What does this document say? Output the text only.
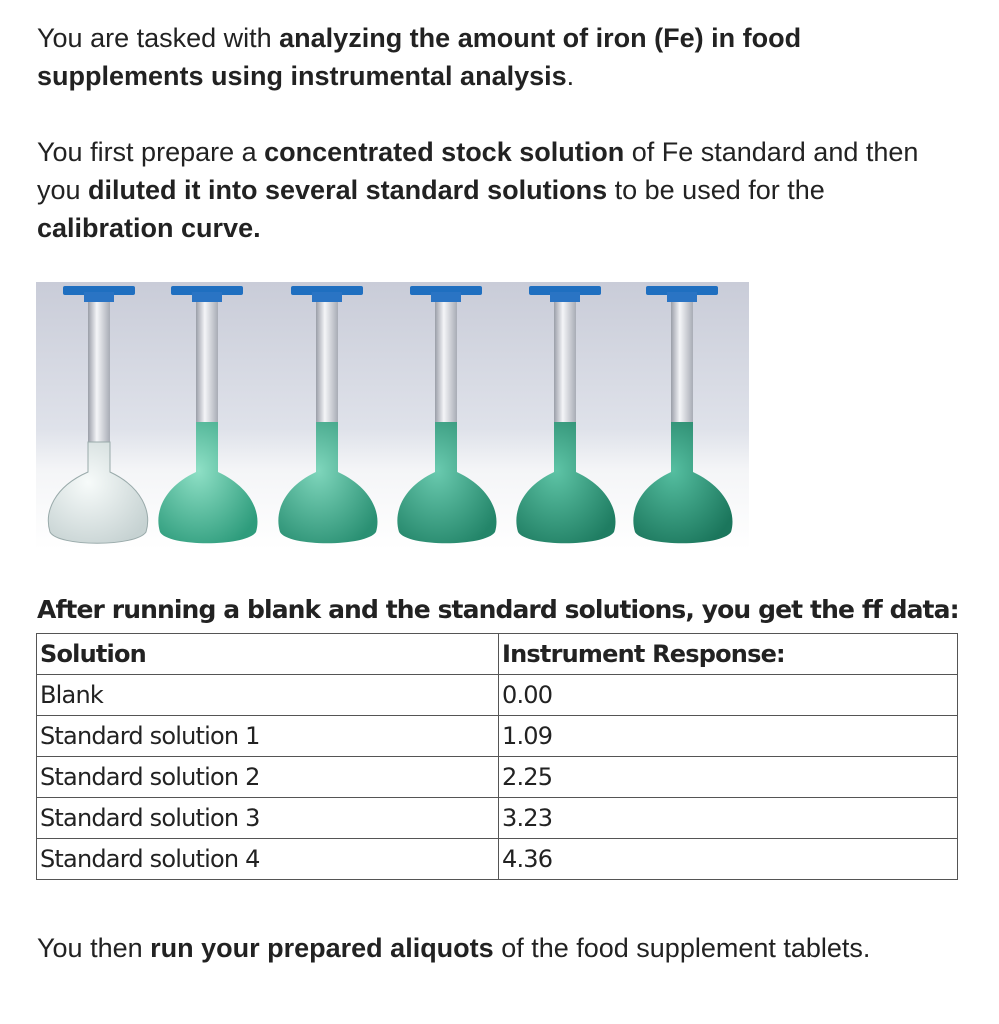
You are tasked with analyzing the amount of iron (Fe) in food supplements using instrumental analysis.

You first prepare a concentrated stock solution of Fe standard and then you diluted it into several standard solutions to be used for the calibration curve.

After running a blank and the standard solutions, you get the ff data:
Solution	Instrument Response:
Blank	0.00
Standard solution 1	1.09
Standard solution 2	2.25
Standard solution 3	3.23
Standard solution 4	4.36

You then run your prepared aliquots of the food supplement tablets.
